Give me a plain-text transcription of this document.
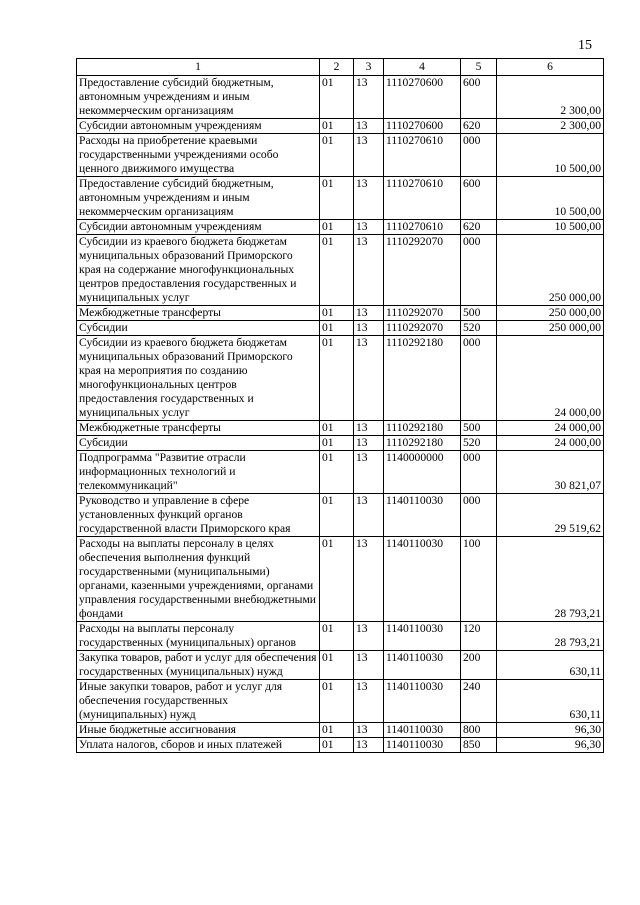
15
1	2	3	4	5	6
Предоставление субсидий бюджетным, автономным учреждениям и иным некоммерческим организациям	01	13	1110270600	600	2 300,00
Субсидии автономным учреждениям	01	13	1110270600	620	2 300,00
Расходы на приобретение краевыми государственными учреждениями особо ценного движимого имущества	01	13	1110270610	000	10 500,00
Предоставление субсидий бюджетным, автономным учреждениям и иным некоммерческим организациям	01	13	1110270610	600	10 500,00
Субсидии автономным учреждениям	01	13	1110270610	620	10 500,00
Субсидии из краевого бюджета бюджетам муниципальных образований Приморского края на содержание многофункциональных центров предоставления государственных и муниципальных услуг	01	13	1110292070	000	250 000,00
Межбюджетные трансферты	01	13	1110292070	500	250 000,00
Субсидии	01	13	1110292070	520	250 000,00
Субсидии из краевого бюджета бюджетам муниципальных образований Приморского края на мероприятия по созданию многофункциональных центров предоставления государственных и муниципальных услуг	01	13	1110292180	000	24 000,00
Межбюджетные трансферты	01	13	1110292180	500	24 000,00
Субсидии	01	13	1110292180	520	24 000,00
Подпрограмма "Развитие отрасли информационных технологий и телекоммуникаций"	01	13	1140000000	000	30 821,07
Руководство и управление в сфере установленных функций органов государственной власти Приморского края	01	13	1140110030	000	29 519,62
Расходы на выплаты персоналу в целях обеспечения выполнения функций государственными (муниципальными) органами, казенными учреждениями, органами управления государственными внебюджетными фондами	01	13	1140110030	100	28 793,21
Расходы на выплаты персоналу государственных (муниципальных) органов	01	13	1140110030	120	28 793,21
Закупка товаров, работ и услуг для обеспечения государственных (муниципальных) нужд	01	13	1140110030	200	630,11
Иные закупки товаров, работ и услуг для обеспечения государственных (муниципальных) нужд	01	13	1140110030	240	630,11
Иные бюджетные ассигнования	01	13	1140110030	800	96,30
Уплата налогов, сборов и иных платежей	01	13	1140110030	850	96,30
